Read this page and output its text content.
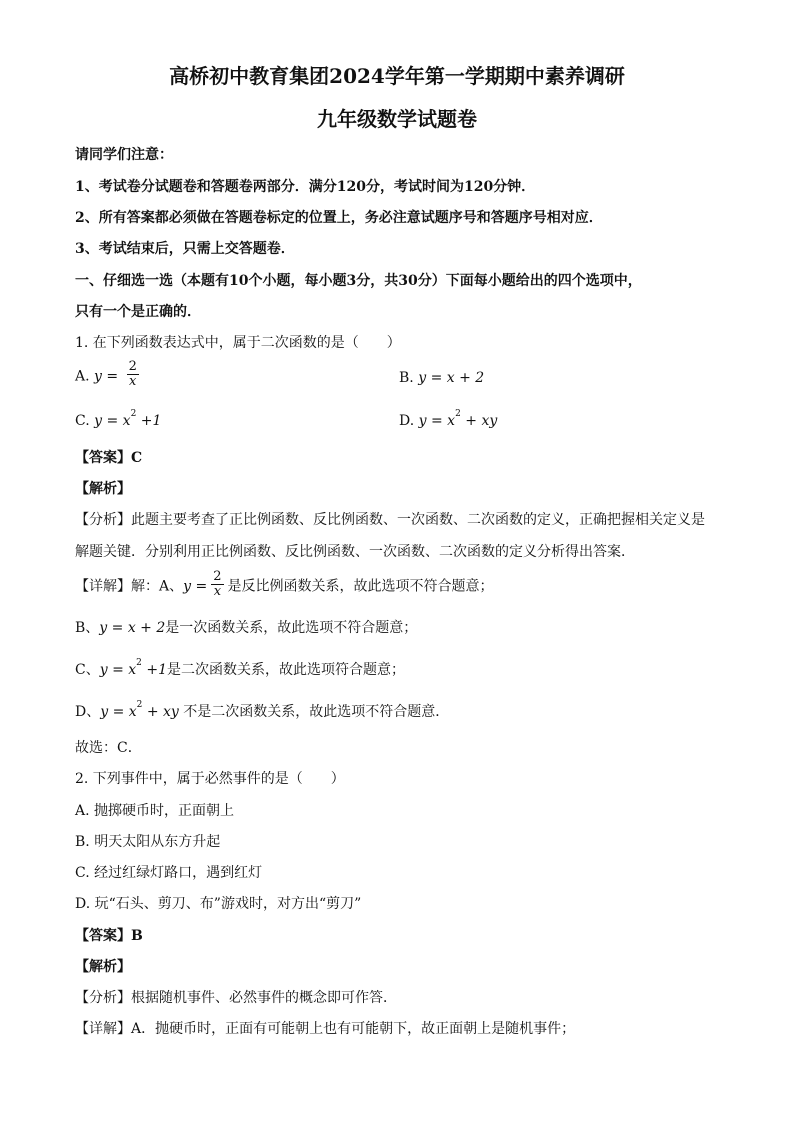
高桥初中教育集团2024学年第一学期期中素养调研
九年级数学试题卷
请同学们注意：
1、考试卷分试题卷和答题卷两部分．满分120分，考试时间为120分钟．
2、所有答案都必须做在答题卷标定的位置上，务必注意试题序号和答题序号相对应．
3、考试结束后，只需上交答题卷．
一、仔细选一选（本题有10个小题，每小题3分，共30分）下面每小题给出的四个选项中，
只有一个是正确的．
1. 在下列函数表达式中，属于二次函数的是（　　）
A. $y = \frac{2}{x}$	B. y = x + 2
C. $y = x^2 +1$	D. $y = x^2$ + xy
【答案】C
【解析】
【分析】此题主要考查了正比例函数、反比例函数、一次函数、二次函数的定义，正确把握相关定义是
解题关键．分别利用正比例函数、反比例函数、一次函数、二次函数的定义分析得出答案．
【详解】解：A、$y = \frac{2}{x}$ 是反比例函数关系，故此选项不符合题意；
B、y = x + 2是一次函数关系，故此选项不符合题意；
C、$y = x^2 +1$是二次函数关系，故此选项符合题意；
D、$y = x^2$ + xy 不是二次函数关系，故此选项不符合题意．
故选：C．
2. 下列事件中，属于必然事件的是（　　）
A. 抛掷硬币时，正面朝上
B. 明天太阳从东方升起
C. 经过红绿灯路口，遇到红灯
D. 玩“石头、剪刀、布”游戏时，对方出“剪刀”
【答案】B
【解析】
【分析】根据随机事件、必然事件的概念即可作答．
【详解】A．抛硬币时，正面有可能朝上也有可能朝下，故正面朝上是随机事件；
